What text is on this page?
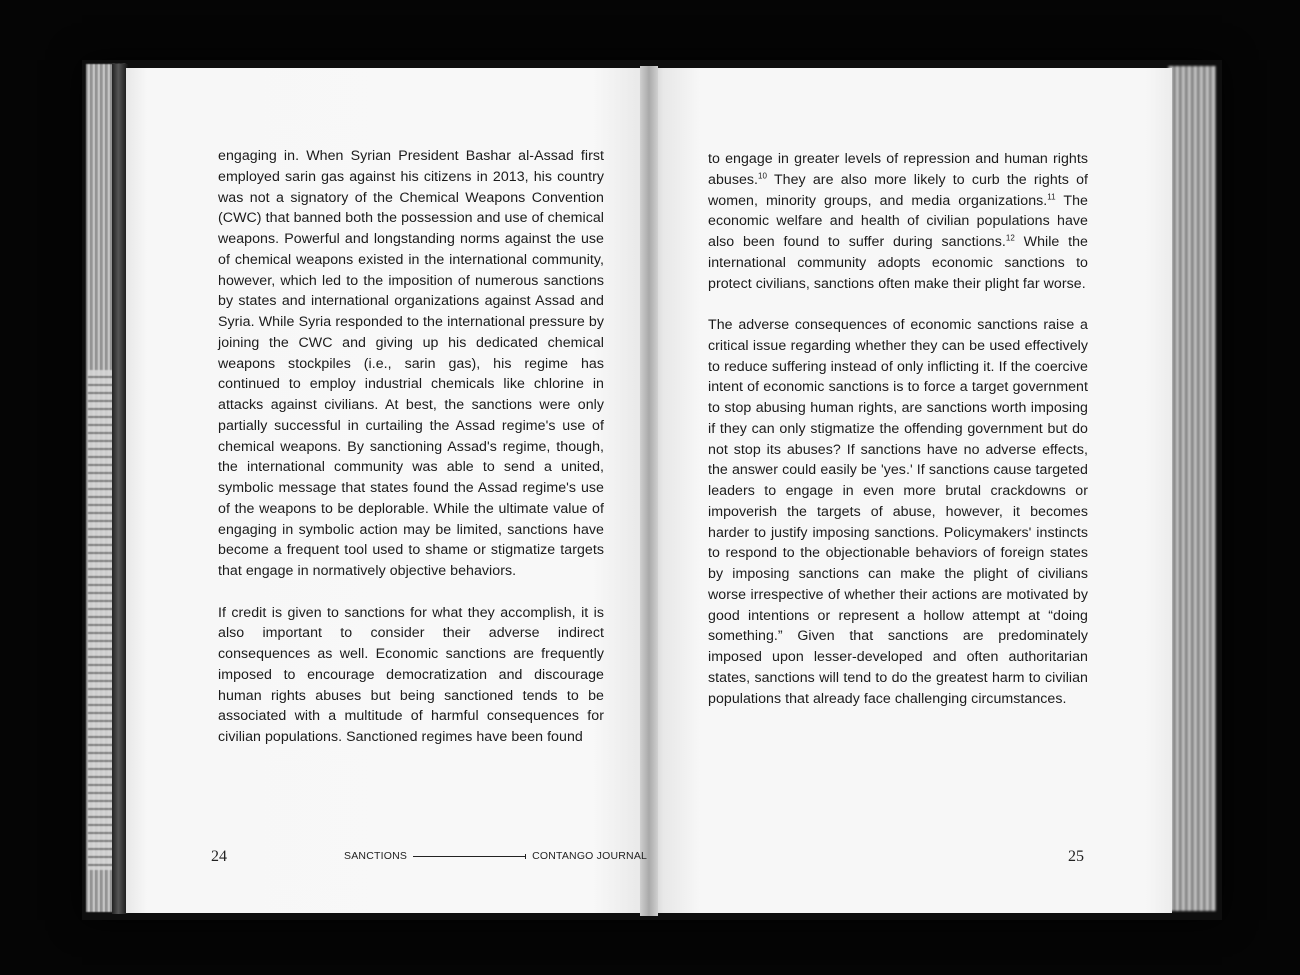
engaging in. When Syrian President Bashar al-Assad first employed sarin gas against his citizens in 2013, his country was not a signatory of the Chemical Weapons Convention (CWC) that banned both the possession and use of chemical weapons. Powerful and longstanding norms against the use of chemical weapons existed in the international community, however, which led to the imposition of numerous sanctions by states and international organizations against Assad and Syria. While Syria responded to the international pressure by joining the CWC and giving up his dedicated chemical weapons stockpiles (i.e., sarin gas), his regime has continued to employ industrial chemicals like chlorine in attacks against civilians. At best, the sanctions were only partially successful in curtailing the Assad regime's use of chemical weapons. By sanctioning Assad's regime, though, the international community was able to send a united, symbolic message that states found the Assad regime's use of the weapons to be deplorable. While the ultimate value of engaging in symbolic action may be limited, sanctions have become a frequent tool used to shame or stigmatize targets that engage in normatively objective behaviors.

If credit is given to sanctions for what they accomplish, it is also important to consider their adverse indirect consequences as well. Economic sanctions are frequently imposed to encourage democratization and discourage human rights abuses but being sanctioned tends to be associated with a multitude of harmful consequences for civilian populations. Sanctioned regimes have been found

to engage in greater levels of repression and human rights abuses.$^{10}$ They are also more likely to curb the rights of women, minority groups, and media organizations.$^{11}$ The economic welfare and health of civilian populations have also been found to suffer during sanctions.$^{12}$ While the international community adopts economic sanctions to protect civilians, sanctions often make their plight far worse.

The adverse consequences of economic sanctions raise a critical issue regarding whether they can be used effectively to reduce suffering instead of only inflicting it. If the coercive intent of economic sanctions is to force a target government to stop abusing human rights, are sanctions worth imposing if they can only stigmatize the offending government but do not stop its abuses? If sanctions have no adverse effects, the answer could easily be 'yes.' If sanctions cause targeted leaders to engage in even more brutal crackdowns or impoverish the targets of abuse, however, it becomes harder to justify imposing sanctions. Policymakers' instincts to respond to the objectionable behaviors of foreign states by imposing sanctions can make the plight of civilians worse irrespective of whether their actions are motivated by good intentions or represent a hollow attempt at “doing something.” Given that sanctions are predominately imposed upon lesser-developed and often authoritarian states, sanctions will tend to do the greatest harm to civilian populations that already face challenging circumstances.

24	SANCTIONS	CONTANGO JOURNAL	25
